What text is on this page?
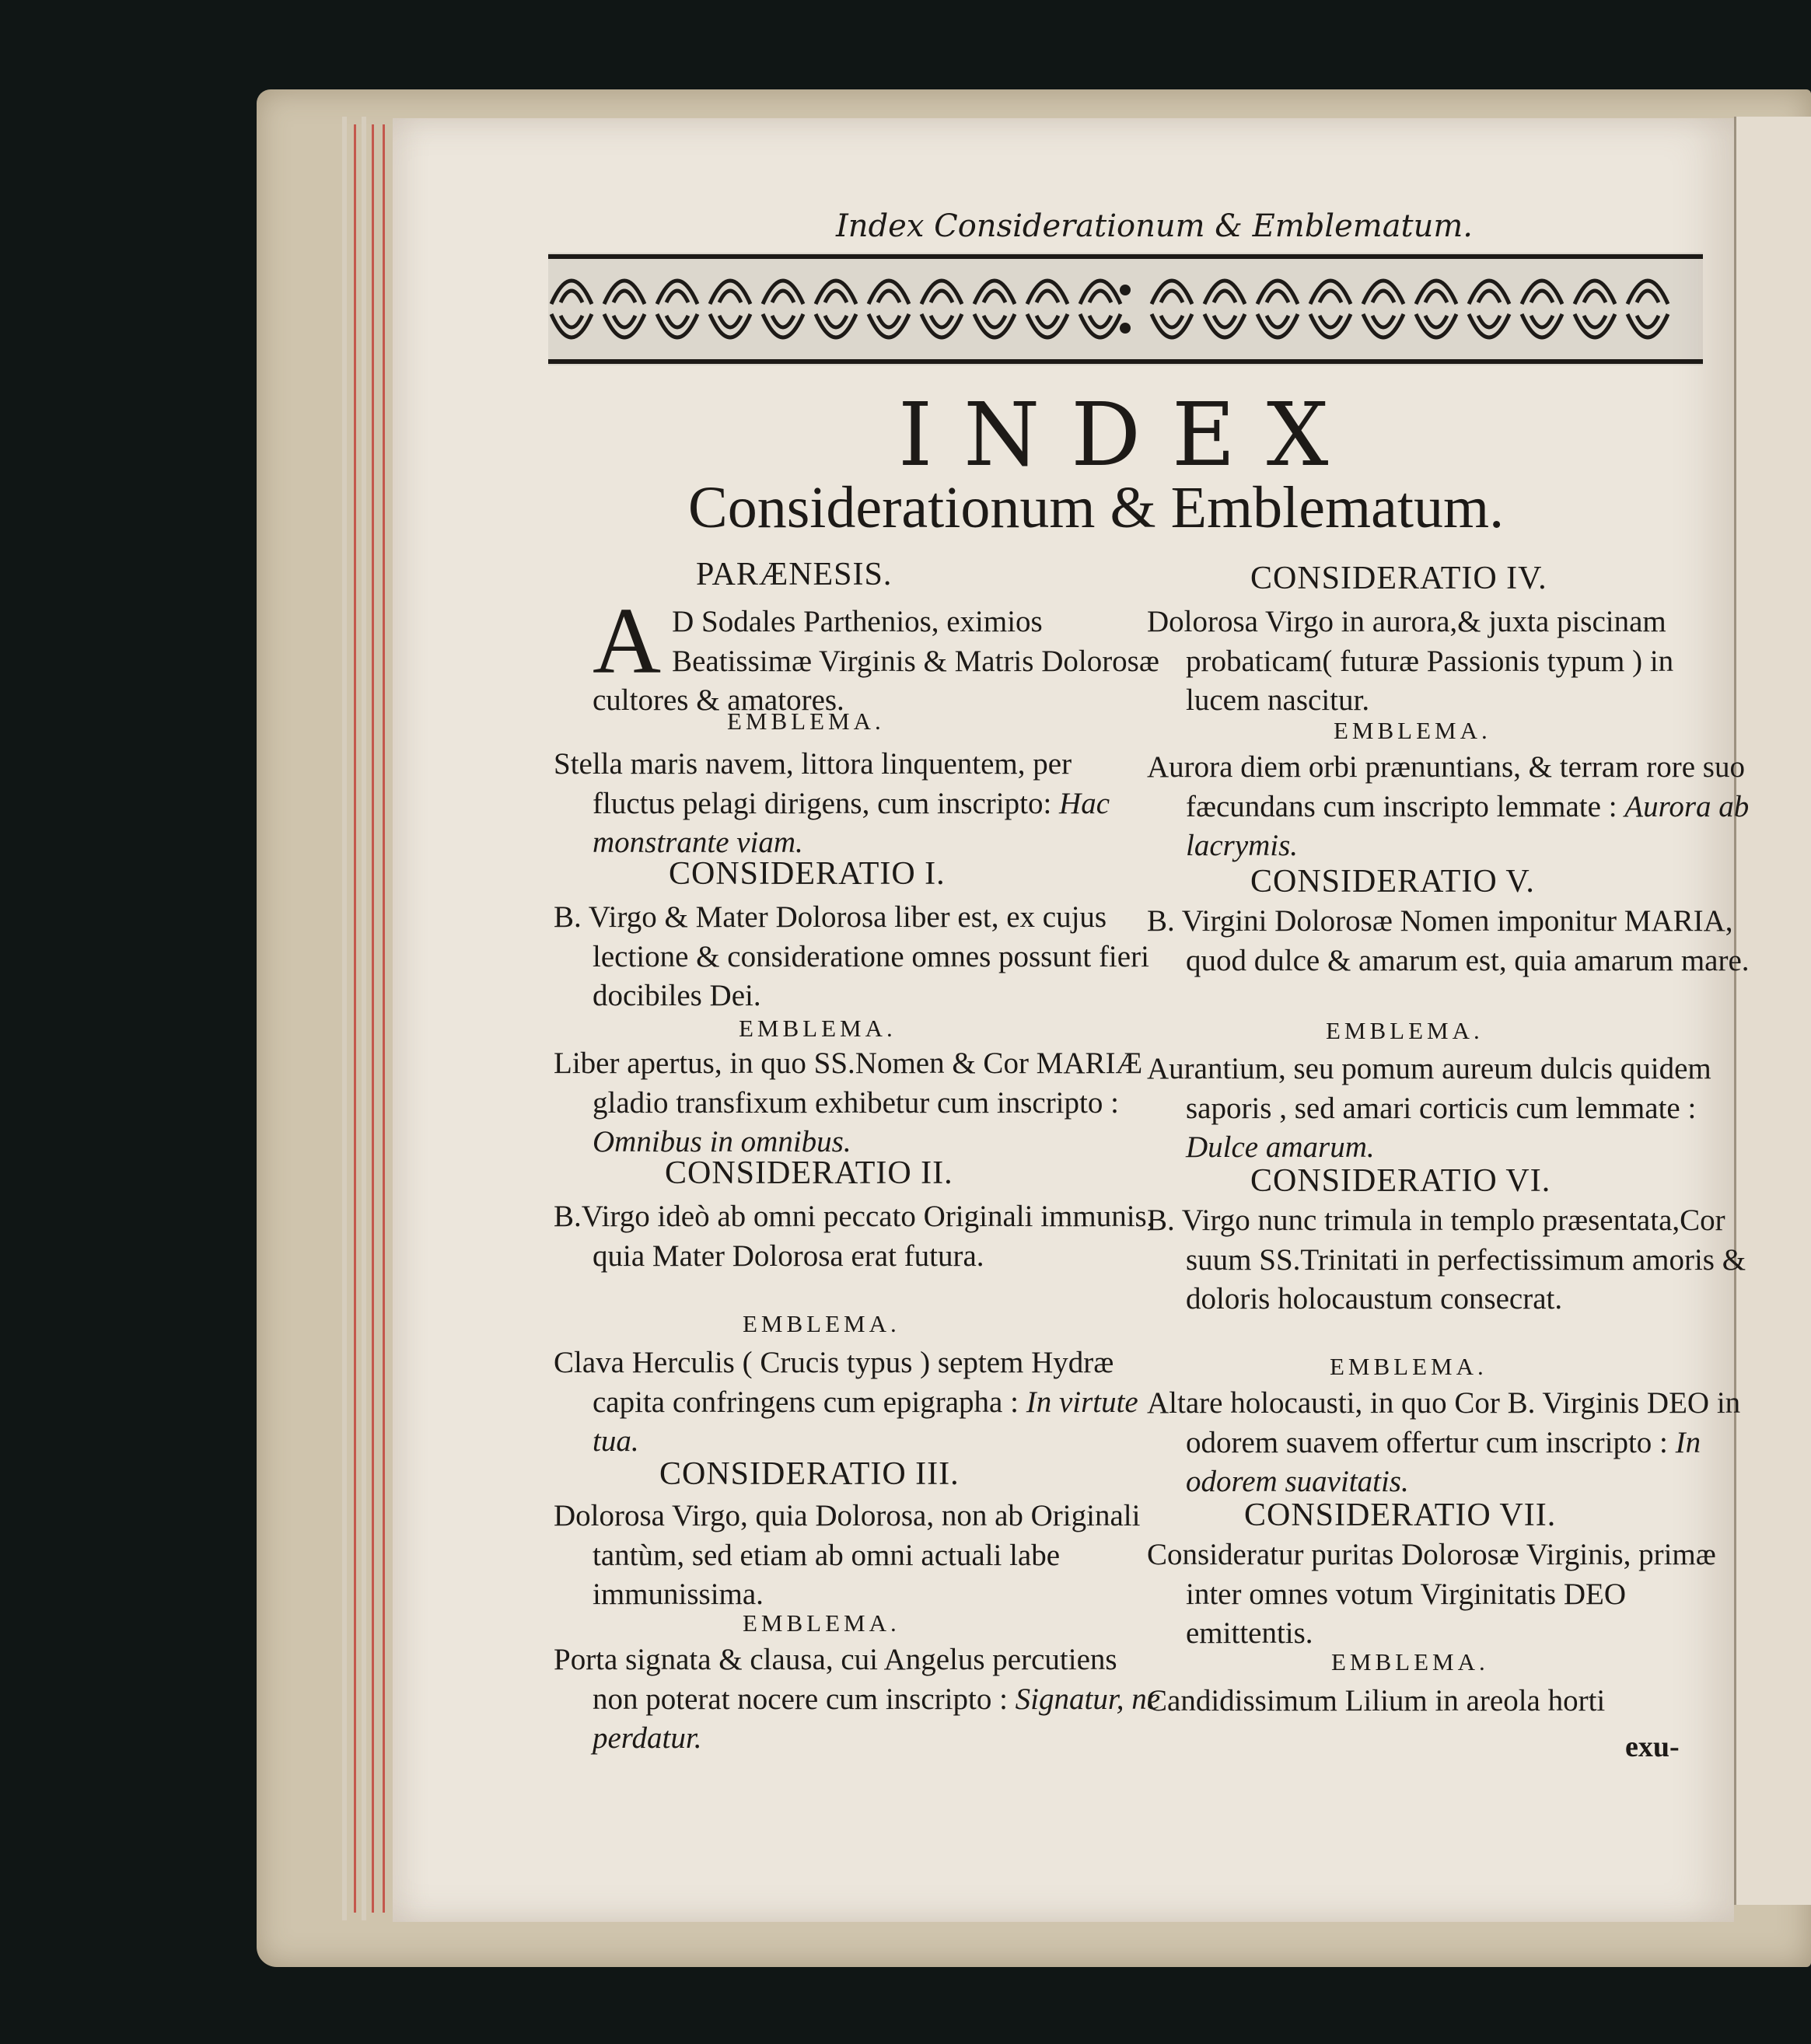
Index Considerationum & Emblematum.
INDEX
Considerationum & Emblematum.
PARÆNESIS.
A D Sodales Parthenios, eximios Beatissimæ Virginis & Matris Dolorosæ cultores & amatores.
EMBLEMA.
Stella maris navem, littora linquentem, per fluctus pelagi dirigens, cum inscripto: Hac monstrante viam.
CONSIDERATIO I.
B. Virgo & Mater Dolorosa liber est, ex cujus lectione & consideratione omnes possunt fieri docibiles Dei.
EMBLEMA.
Liber apertus, in quo SS.Nomen & Cor MARIÆ gladio transfixum exhibetur cum inscripto : Omnibus in omnibus.
CONSIDERATIO II.
B.Virgo ideò ab omni peccato Originali immunis, quia Mater Dolorosa erat futura.
EMBLEMA.
Clava Herculis ( Crucis typus ) septem Hydræ capita confringens cum epigrapha : In virtute tua.
CONSIDERATIO III.
Dolorosa Virgo, quia Dolorosa, non ab Originali tantùm, sed etiam ab omni actuali labe immunissima.
EMBLEMA.
Porta signata & clausa, cui Angelus percutiens non poterat nocere cum inscripto : Signatur, ne perdatur.
CONSIDERATIO IV.
Dolorosa Virgo in aurora,& juxta piscinam probaticam( futuræ Passionis typum ) in lucem nascitur.
EMBLEMA.
Aurora diem orbi prænuntians, & terram rore suo fæcundans cum inscripto lemmate : Aurora ab lacrymis.
CONSIDERATIO V.
B. Virgini Dolorosæ Nomen imponitur MARIA, quod dulce & amarum est, quia amarum mare.
EMBLEMA.
Aurantium, seu pomum aureum dulcis quidem saporis , sed amari corticis cum lemmate : Dulce amarum.
CONSIDERATIO VI.
B. Virgo nunc trimula in templo præsentata,Cor suum SS.Trinitati in perfectissimum amoris & doloris holocaustum consecrat.
EMBLEMA.
Altare holocausti, in quo Cor B. Virginis DEO in odorem suavem offertur cum inscripto : In odorem suavitatis.
CONSIDERATIO VII.
Consideratur puritas Dolorosæ Virginis, primæ inter omnes votum Virginitatis DEO emittentis.
EMBLEMA.
Candidissimum Lilium in areola horti
exu-
